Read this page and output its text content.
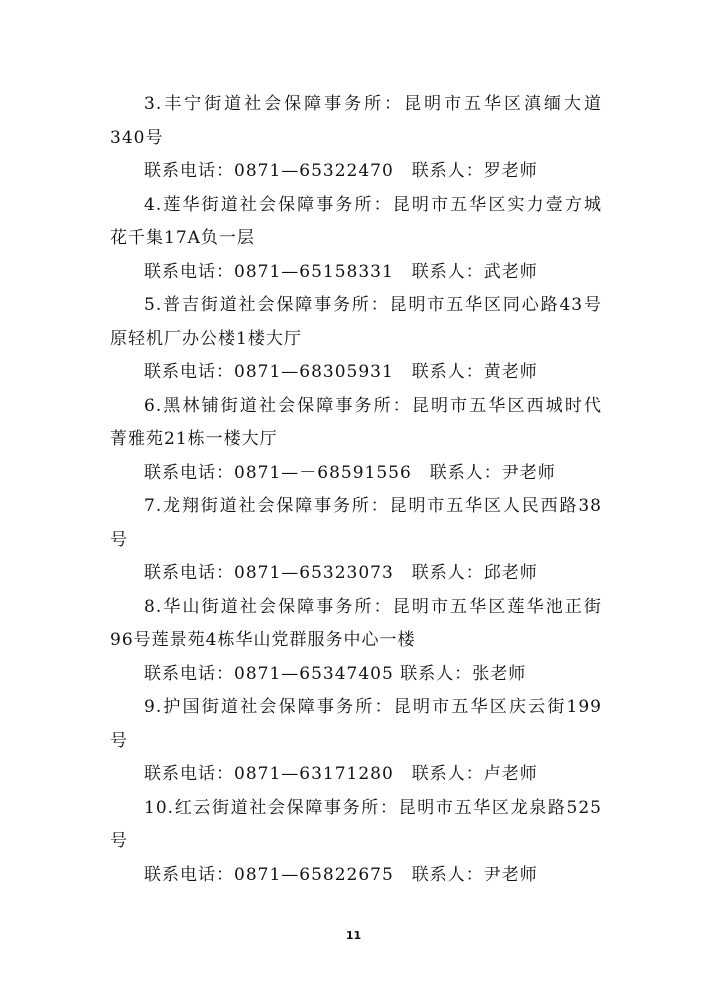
3.丰宁街道社会保障事务所：昆明市五华区滇缅大道

340号

联系电话：0871—65322470　联系人：罗老师

4.莲华街道社会保障事务所：昆明市五华区实力壹方城

花千集17A负一层

联系电话：0871—65158331　联系人：武老师

5.普吉街道社会保障事务所：昆明市五华区同心路43号

原轻机厂办公楼1楼大厅

联系电话：0871—68305931　联系人：黄老师

6.黑林铺街道社会保障事务所：昆明市五华区西城时代

菁雅苑21栋一楼大厅

联系电话：0871—－68591556　联系人：尹老师

7.龙翔街道社会保障事务所：昆明市五华区人民西路38

号

联系电话：0871—65323073　联系人：邱老师

8.华山街道社会保障事务所：昆明市五华区莲华池正街

96号莲景苑4栋华山党群服务中心一楼

联系电话：0871—65347405 联系人：张老师

9.护国街道社会保障事务所：昆明市五华区庆云街199

号

联系电话：0871—63171280　联系人：卢老师

10.红云街道社会保障事务所：昆明市五华区龙泉路525

号

联系电话：0871—65822675　联系人：尹老师

11
